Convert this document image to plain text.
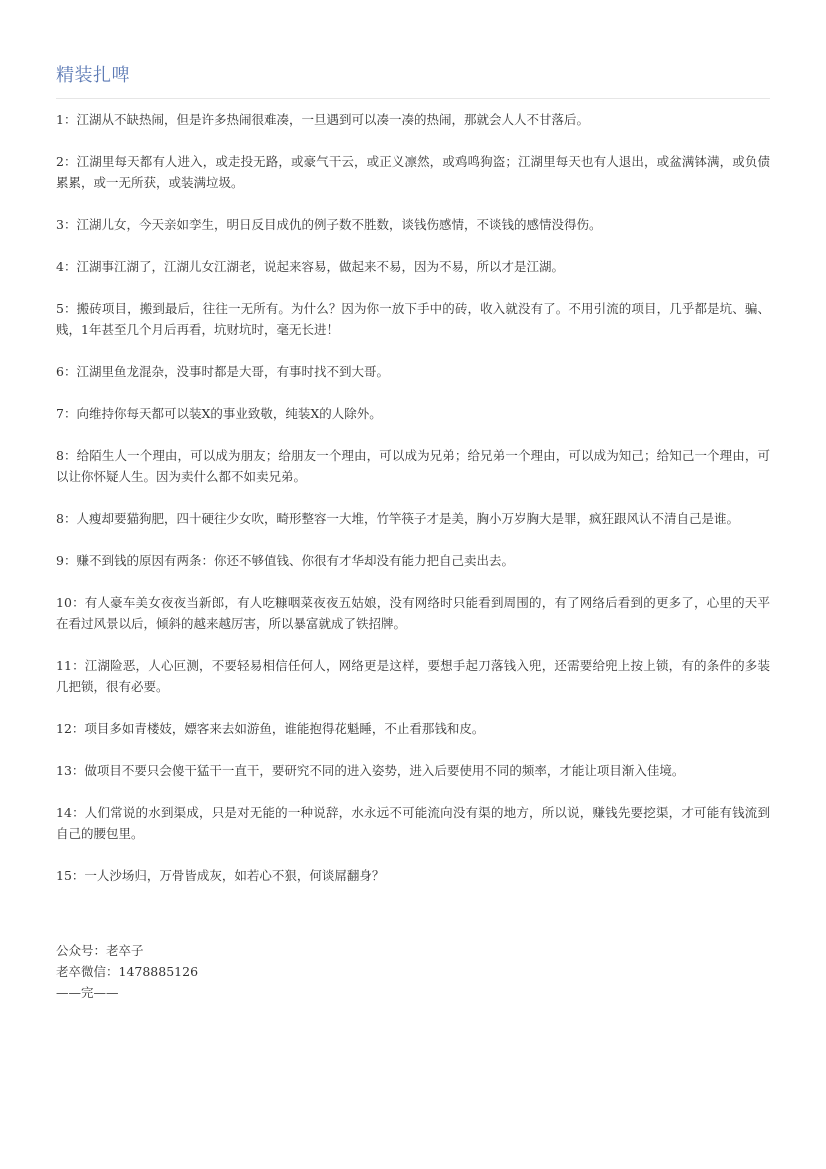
精装扎啤

1：江湖从不缺热闹，但是许多热闹很难凑，一旦遇到可以凑一凑的热闹，那就会人人不甘落后。

2：江湖里每天都有人进入，或走投无路，或豪气干云，或正义凛然，或鸡鸣狗盗；江湖里每天也有人退出，或盆满钵满，或负债累累，或一无所获，或装满垃圾。

3：江湖儿女，今天亲如孪生，明日反目成仇的例子数不胜数，谈钱伤感情，不谈钱的感情没得伤。

4：江湖事江湖了，江湖儿女江湖老，说起来容易，做起来不易，因为不易，所以才是江湖。

5：搬砖项目，搬到最后，往往一无所有。为什么？因为你一放下手中的砖，收入就没有了。不用引流的项目，几乎都是坑、骗、贱，1年甚至几个月后再看，坑财坑时，毫无长进！

6：江湖里鱼龙混杂，没事时都是大哥，有事时找不到大哥。

7：向维持你每天都可以装X的事业致敬，纯装X的人除外。

8：给陌生人一个理由，可以成为朋友；给朋友一个理由，可以成为兄弟；给兄弟一个理由，可以成为知己；给知己一个理由，可以让你怀疑人生。因为卖什么都不如卖兄弟。

8：人瘦却要猫狗肥，四十硬往少女吹，畸形整容一大堆，竹竿筷子才是美，胸小万岁胸大是罪，疯狂跟风认不清自己是谁。

9：赚不到钱的原因有两条：你还不够值钱、你很有才华却没有能力把自己卖出去。

10：有人豪车美女夜夜当新郎，有人吃糠咽菜夜夜五姑娘，没有网络时只能看到周围的，有了网络后看到的更多了，心里的天平在看过风景以后，倾斜的越来越厉害，所以暴富就成了铁招牌。

11：江湖险恶，人心叵测，不要轻易相信任何人，网络更是这样，要想手起刀落钱入兜，还需要给兜上按上锁，有的条件的多装几把锁，很有必要。

12：项目多如青楼妓，嫖客来去如游鱼，谁能抱得花魁睡，不止看那钱和皮。

13：做项目不要只会傻干猛干一直干，要研究不同的进入姿势，进入后要使用不同的频率，才能让项目渐入佳境。

14：人们常说的水到渠成，只是对无能的一种说辞，水永远不可能流向没有渠的地方，所以说，赚钱先要挖渠，才可能有钱流到自己的腰包里。

15：一人沙场归，万骨皆成灰，如若心不狠，何谈屌翻身？

公众号：老卒子
老卒微信：1478885126
——完——
